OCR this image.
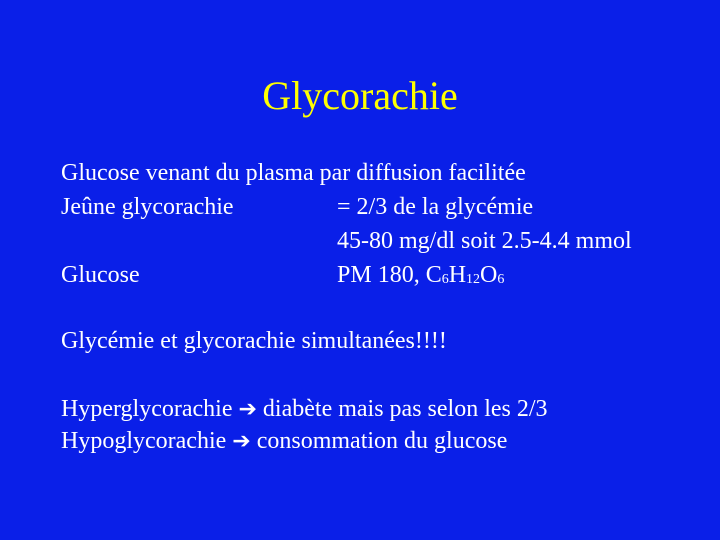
Glycorachie
Glucose venant du plasma par diffusion facilitée
Jeûne glycorachie	= 2/3 de la glycémie
45-80 mg/dl soit 2.5-4.4 mmol
Glucose	PM 180, $C_6H_{12}O_6$
Glycémie et glycorachie simultanées!!!!
Hyperglycorachie ➔ diabète mais pas selon les 2/3
Hypoglycorachie ➔ consommation du glucose
